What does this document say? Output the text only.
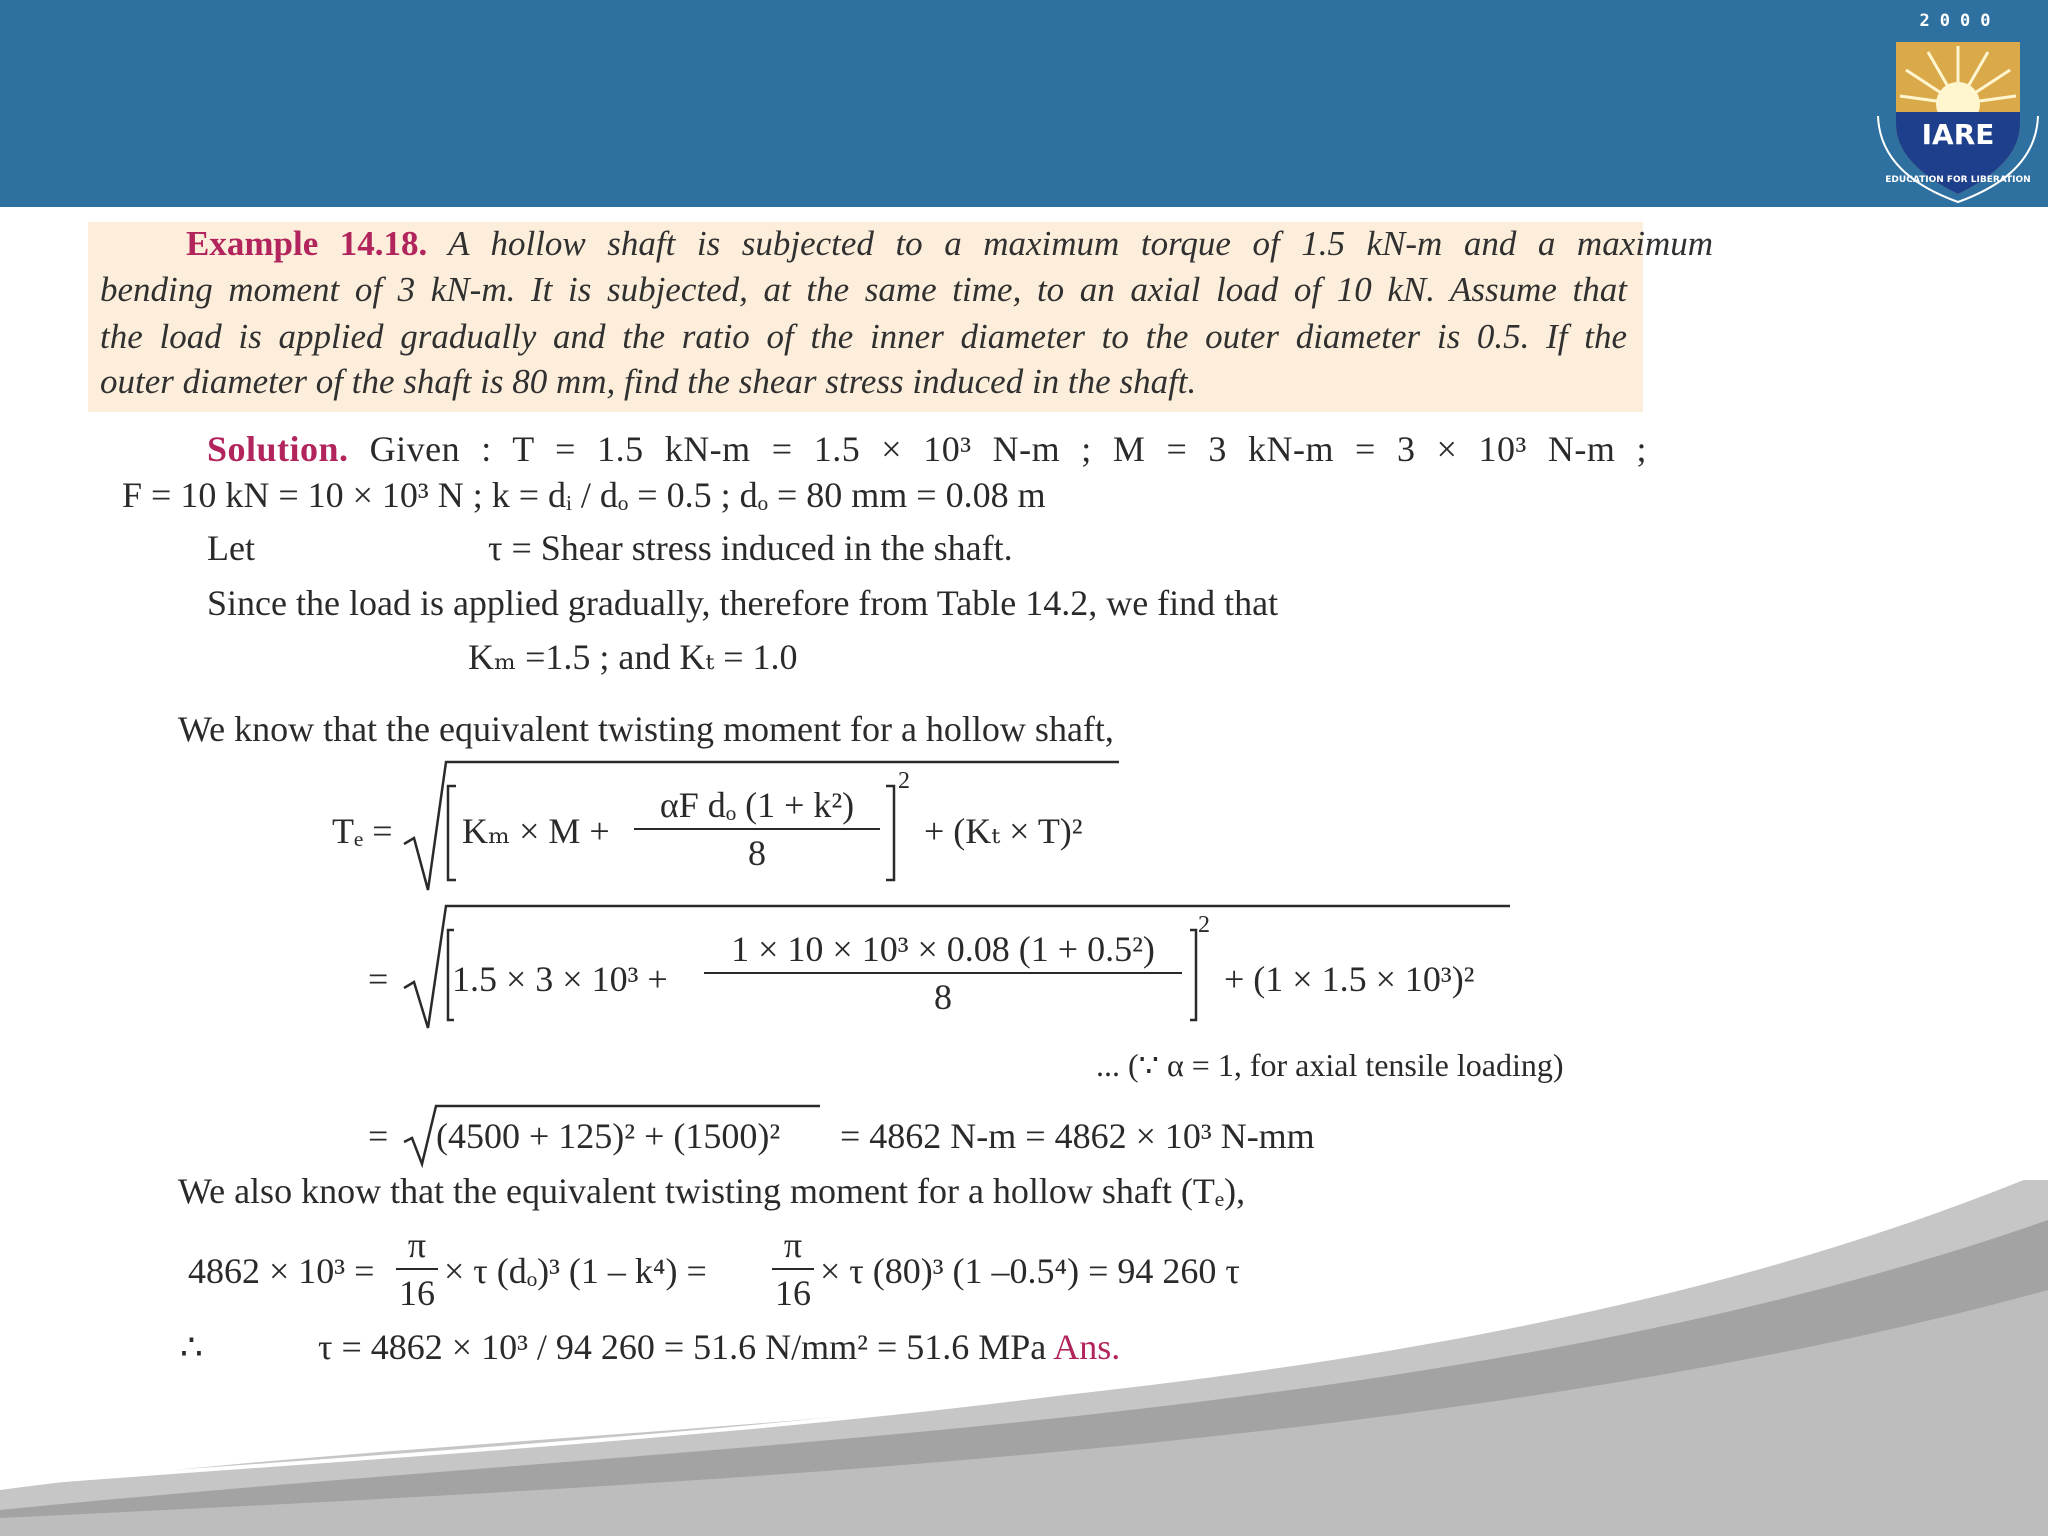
2000
IARE
EDUCATION FOR LIBERATION
Example 14.18. A hollow shaft is subjected to a maximum torque of 1.5 kN-m and a maximum
bending moment of 3 kN-m. It is subjected, at the same time, to an axial load of 10 kN. Assume that
the load is applied gradually and the ratio of the inner diameter to the outer diameter is 0.5. If the
outer diameter of the shaft is 80 mm, find the shear stress induced in the shaft.
Solution. Given : T = 1.5 kN-m = 1.5 × 10³ N-m ; M = 3 kN-m = 3 × 10³ N-m ;
F = 10 kN = 10 × 10³ N ; k = dᵢ / dₒ = 0.5 ; dₒ = 80 mm = 0.08 m
Let	τ = Shear stress induced in the shaft.
Since the load is applied gradually, therefore from Table 14.2, we find that
Kₘ =1.5 ; and Kₜ = 1.0
We know that the equivalent twisting moment for a hollow shaft,
Tₑ = Kₘ × M +
αF dₒ (1 + k²)
8
2
+ (Kₜ × T)²
= 1.5 × 3 × 10³ +
1 × 10 × 10³ × 0.08 (1 + 0.5²)
8
2
+ (1 × 1.5 × 10³)²
... (∵ α = 1, for axial tensile loading)
= (4500 + 125)² + (1500)² = 4862 N-m = 4862 × 10³ N-mm
We also know that the equivalent twisting moment for a hollow shaft (Tₑ),
4862 × 10³ =
π
16
× τ (dₒ)³ (1 – k⁴) =
π
16
× τ (80)³ (1 –0.5⁴) = 94 260 τ
∴	τ = 4862 × 10³ / 94 260 = 51.6 N/mm² = 51.6 MPa Ans.
